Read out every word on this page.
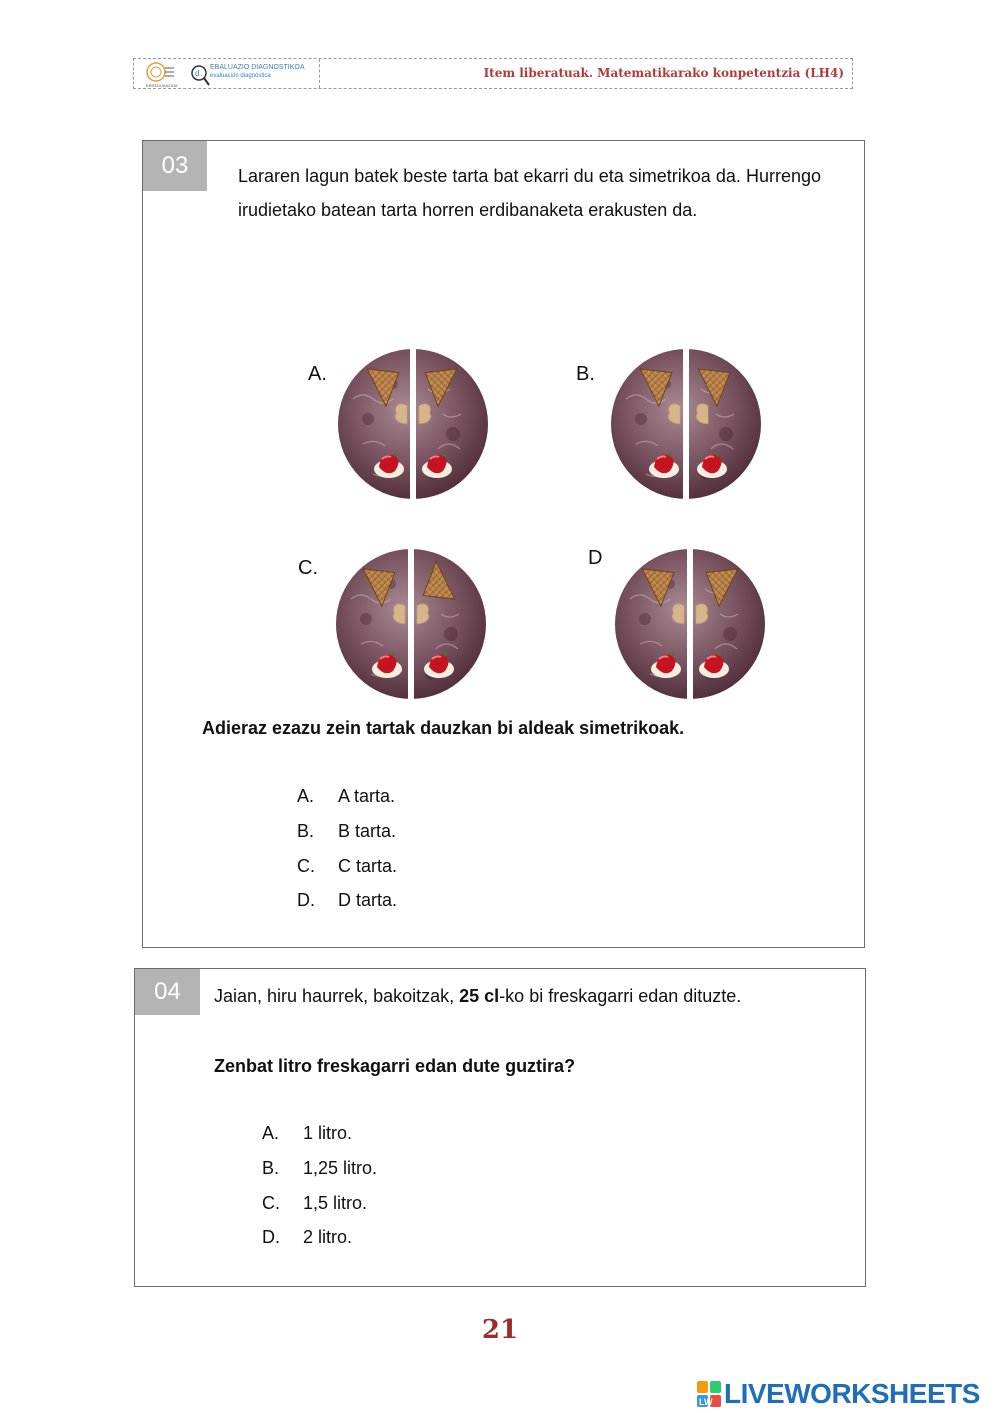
ERREDUKAZIOA
d
EBALUAZIO DIAGNOSTIKOA
evaluación diagnóstica	Item liberatuak. Matematikarako konpetentzia (LH4)
03	Lararen lagun batek beste tarta bat ekarri du eta simetrikoa da. Hurrengo irudietako batean tarta horren erdibanaketa erakusten da.
A.	B.
C.	D
Adieraz ezazu zein tartak dauzkan bi aldeak simetrikoak.
A.	A tarta.
B.	B tarta.
C.	C tarta.
D.	D tarta.
04	Jaian, hiru haurrek, bakoitzak, 25 cl-ko bi freskagarri edan dituzte.
Zenbat litro freskagarri edan dute guztira?
A.	1 litro.
B.	1,25 litro.
C.	1,5 litro.
D.	2 litro.
21
LW LIVEWORKSHEETS
